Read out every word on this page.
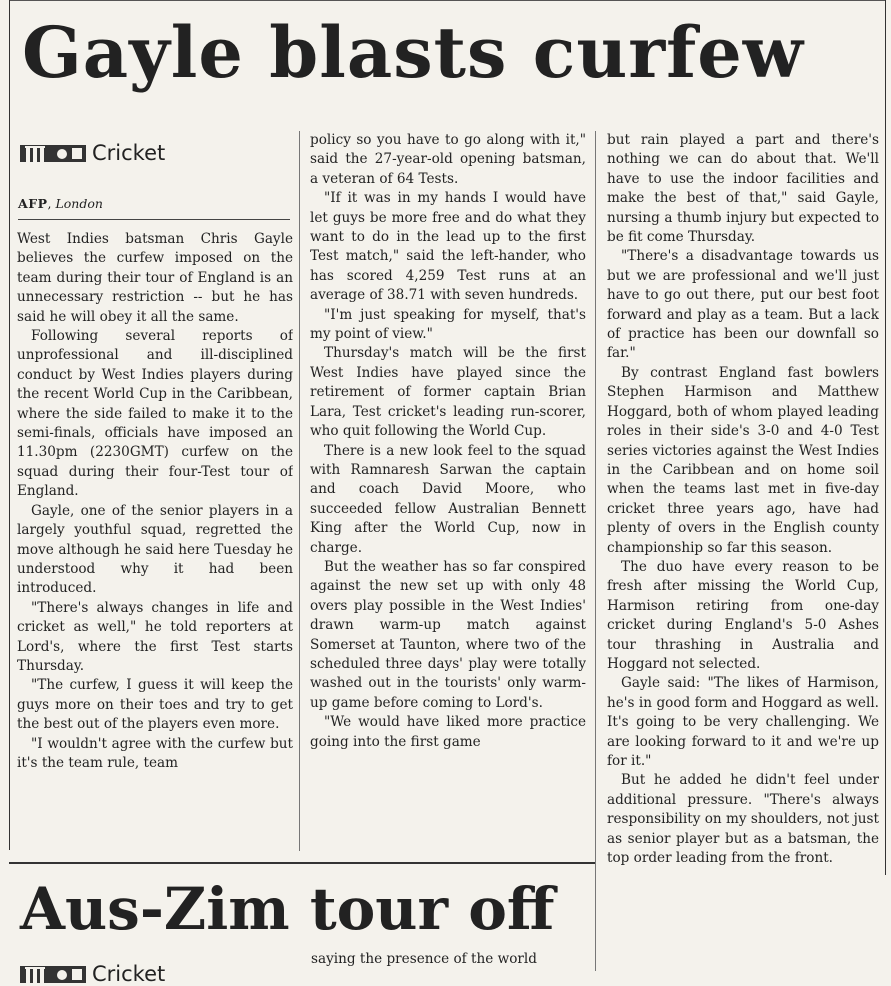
Gayle blasts curfew
Cricket
AFP, London

West Indies batsman Chris Gayle believes the curfew imposed on the team during their tour of England is an unnecessary restriction -- but he has said he will obey it all the same.

Following several reports of unprofessional and ill-disciplined conduct by West Indies players during the recent World Cup in the Caribbean, where the side failed to make it to the semi-finals, officials have imposed an 11.30pm (2230GMT) curfew on the squad during their four-Test tour of England.

Gayle, one of the senior players in a largely youthful squad, regretted the move although he said here Tuesday he understood why it had been introduced.

"There's always changes in life and cricket as well," he told reporters at Lord's, where the first Test starts Thursday.

"The curfew, I guess it will keep the guys more on their toes and try to get the best out of the players even more.

"I wouldn't agree with the curfew but it's the team rule, team

policy so you have to go along with it," said the 27-year-old opening batsman, a veteran of 64 Tests.

"If it was in my hands I would have let guys be more free and do what they want to do in the lead up to the first Test match," said the left-hander, who has scored 4,259 Test runs at an average of 38.71 with seven hundreds.

"I'm just speaking for myself, that's my point of view."

Thursday's match will be the first West Indies have played since the retirement of former captain Brian Lara, Test cricket's leading run-scorer, who quit following the World Cup.

There is a new look feel to the squad with Ramnaresh Sarwan the captain and coach David Moore, who succeeded fellow Australian Bennett King after the World Cup, now in charge.

But the weather has so far conspired against the new set up with only 48 overs play possible in the West Indies' drawn warm-up match against Somerset at Taunton, where two of the scheduled three days' play were totally washed out in the tourists' only warm-up game before coming to Lord's.

"We would have liked more practice going into the first game

but rain played a part and there's nothing we can do about that. We'll have to use the indoor facilities and make the best of that," said Gayle, nursing a thumb injury but expected to be fit come Thursday.

"There's a disadvantage towards us but we are professional and we'll just have to go out there, put our best foot forward and play as a team. But a lack of practice has been our downfall so far."

By contrast England fast bowlers Stephen Harmison and Matthew Hoggard, both of whom played leading roles in their side's 3-0 and 4-0 Test series victories against the West Indies in the Caribbean and on home soil when the teams last met in five-day cricket three years ago, have had plenty of overs in the English county championship so far this season.

The duo have every reason to be fresh after missing the World Cup, Harmison retiring from one-day cricket during England's 5-0 Ashes tour thrashing in Australia and Hoggard not selected.

Gayle said: "The likes of Harmison, he's in good form and Hoggard as well. It's going to be very challenging. We are looking forward to it and we're up for it."

But he added he didn't feel under additional pressure. "There's always responsibility on my shoulders, not just as senior player but as a batsman, the top order leading from the front.

Aus-Zim tour off
Cricket

saying the presence of the world
